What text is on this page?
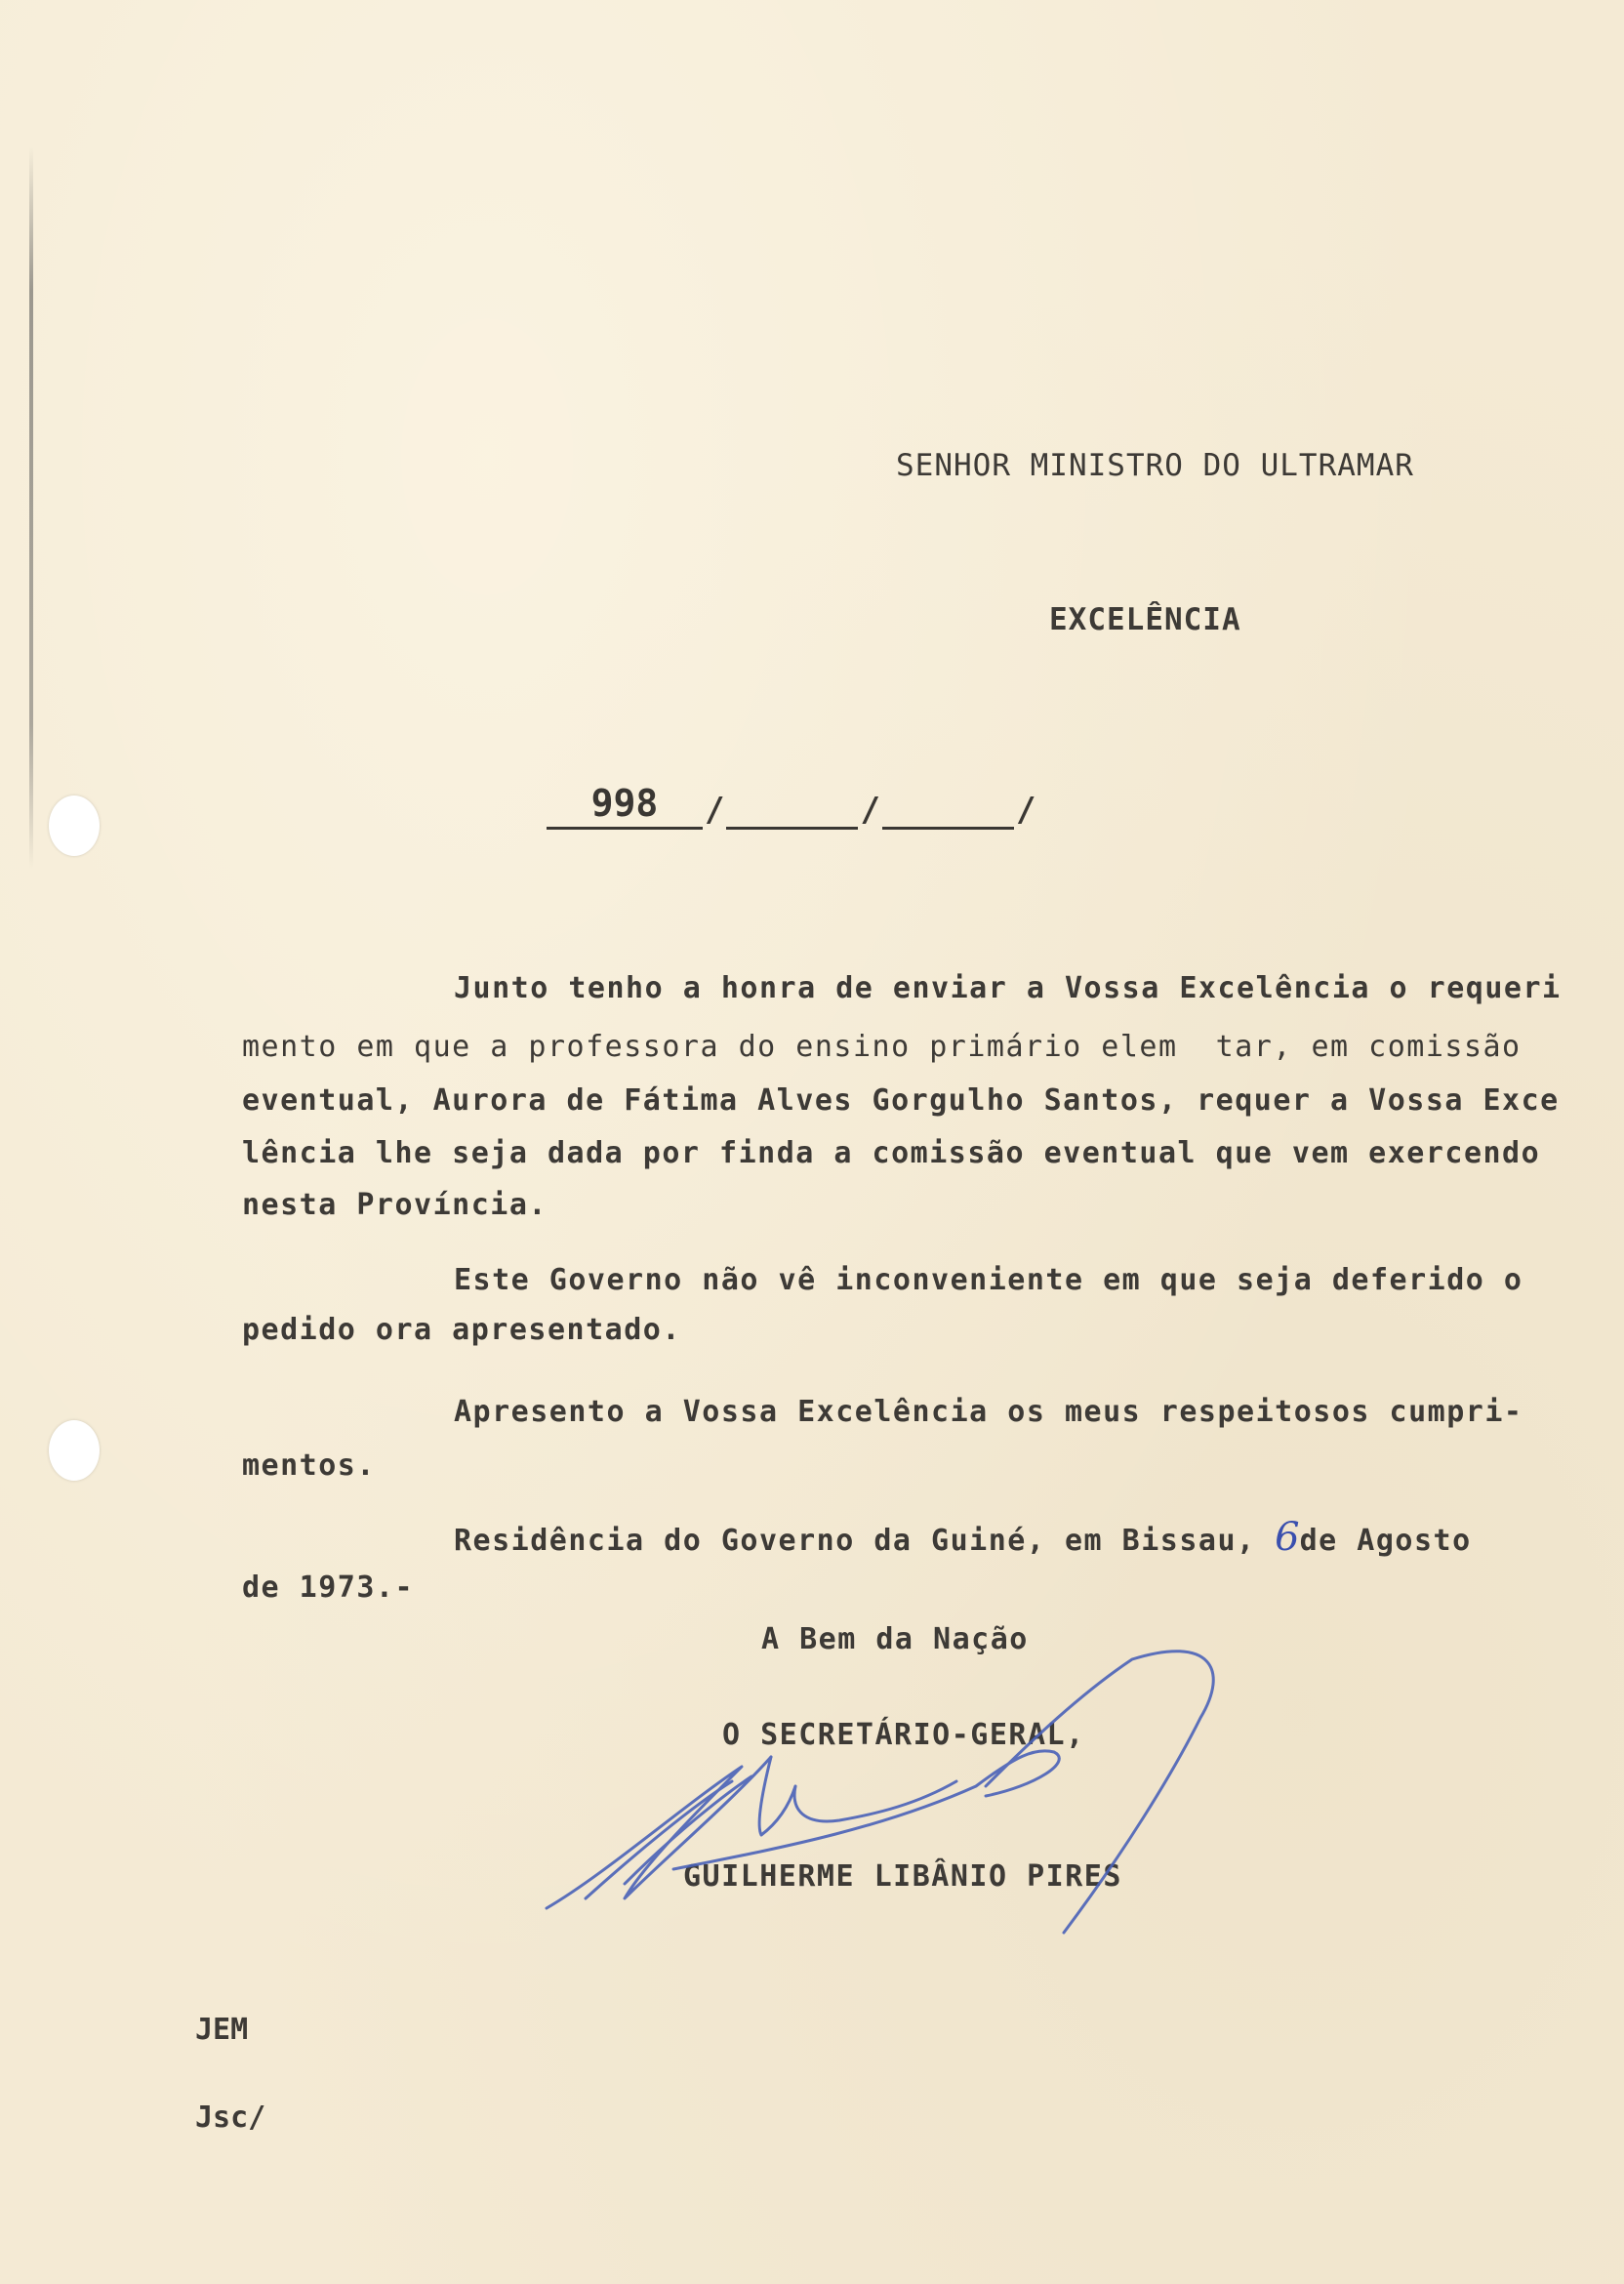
SENHOR MINISTRO DO ULTRAMAR
EXCELÊNCIA
998	/	/	/
Junto tenho a honra de enviar a Vossa Excelência o requeri
mento em que a professora do ensino primário elem  tar, em comissão
eventual, Aurora de Fátima Alves Gorgulho Santos, requer a Vossa Exce
lência lhe seja dada por finda a comissão eventual que vem exercendo
nesta Província.
Este Governo não vê inconveniente em que seja deferido o
pedido ora apresentado.
Apresento a Vossa Excelência os meus respeitosos cumpri-
mentos.
Residência do Governo da Guiné, em Bissau, 6de Agosto
de 1973.-
A Bem da Nação
O SECRETÁRIO-GERAL,
GUILHERME LIBÂNIO PIRES
JEM
Jsc/
